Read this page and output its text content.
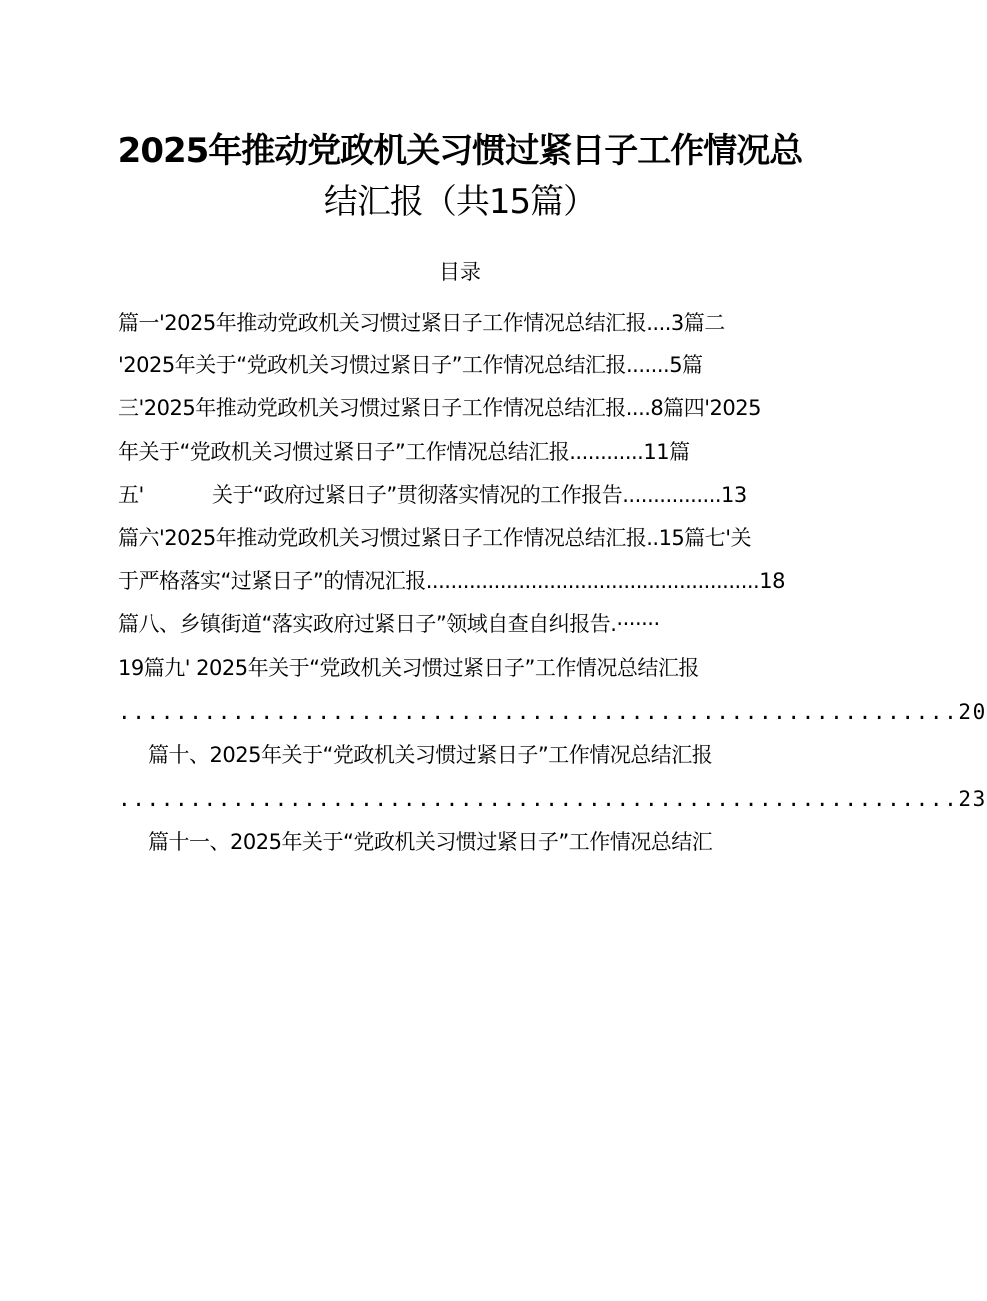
2025年推动党政机关习惯过紧日子工作情况总
结汇报（共15篇）
目录
篇一'2025年推动党政机关习惯过紧日子工作情况总结汇报....3篇二
'2025年关于“党政机关习惯过紧日子”工作情况总结汇报.......5篇
三'2025年推动党政机关习惯过紧日子工作情况总结汇报....8篇四'2025
年关于“党政机关习惯过紧日子”工作情况总结汇报............11篇
五'	关于“政府过紧日子”贯彻落实情况的工作报告................13
篇六'2025年推动党政机关习惯过紧日子工作情况总结汇报..15篇七'关
于严格落实“过紧日子”的情况汇报......................................................18
篇八、乡镇街道“落实政府过紧日子”领域自查自纠报告.·······
19篇九' 2025年关于“党政机关习惯过紧日子”工作情况总结汇报
...........................................................20
篇十、2025年关于“党政机关习惯过紧日子”工作情况总结汇报
...........................................................23
篇十一、2025年关于“党政机关习惯过紧日子”工作情况总结汇
